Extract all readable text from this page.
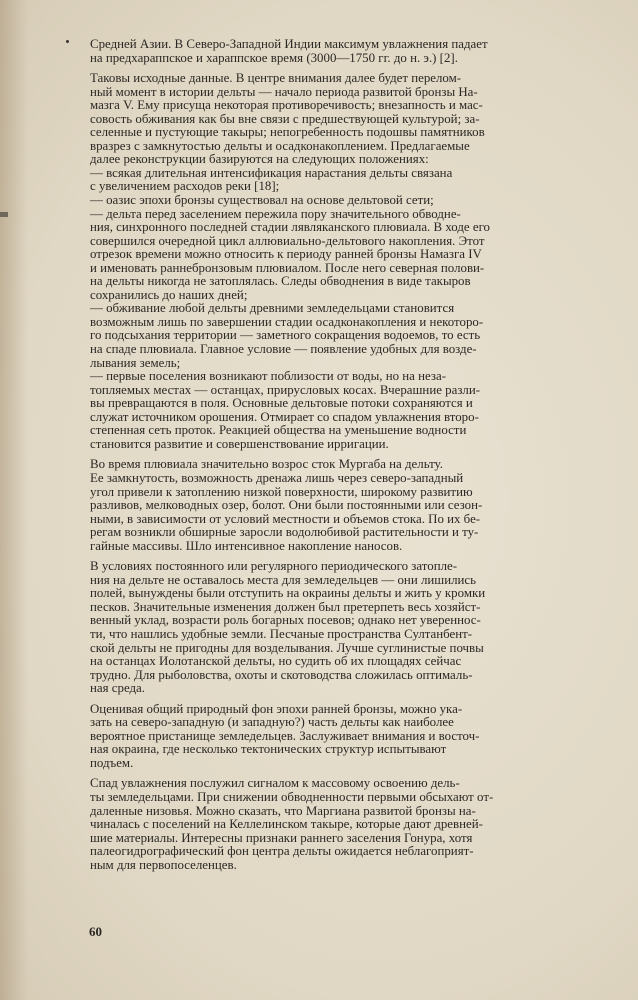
Средней Азии. В Северо-Западной Индии максимум увлажнения падает
на предхараппское и хараппское время (3000—1750 гг. до н. э.) [2].

Таковы исходные данные. В центре внимания далее будет перелом-
ный момент в истории дельты — начало периода развитой бронзы На-
мазга V. Ему присуща некоторая противоречивость; внезапность и мас-
совость обживания как бы вне связи с предшествующей культурой; за-
селенные и пустующие такыры; непогребенность подошвы памятников
вразрез с замкнутостью дельты и осадконакоплением. Предлагаемые
далее реконструкции базируются на следующих положениях:
— всякая длительная интенсификация нарастания дельты связана
с увеличением расходов реки [18];
— оазис эпохи бронзы существовал на основе дельтовой сети;
— дельта перед заселением пережила пору значительного обводне-
ния, синхронного последней стадии лявляканского плювиала. В ходе его
совершился очередной цикл аллювиально-дельтового накопления. Этот
отрезок времени можно относить к периоду ранней бронзы Намазга IV
и именовать раннебронзовым плювиалом. После него северная полови-
на дельты никогда не затоплялась. Следы обводнения в виде такыров
сохранились до наших дней;
— обживание любой дельты древними земледельцами становится
возможным лишь по завершении стадии осадконакопления и некоторо-
го подсыхания территории — заметного сокращения водоемов, то есть
на спаде плювиала. Главное условие — появление удобных для возде-
лывания земель;
— первые поселения возникают поблизости от воды, но на неза-
топляемых местах — останцах, прирусловых косах. Вчерашние разли-
вы превращаются в поля. Основные дельтовые потоки сохраняются и
служат источником орошения. Отмирает со спадом увлажнения второ-
степенная сеть проток. Реакцией общества на уменьшение водности
становится развитие и совершенствование ирригации.

Во время плювиала значительно возрос сток Мургаба на дельту.
Ее замкнутость, возможность дренажа лишь через северо-западный
угол привели к затоплению низкой поверхности, широкому развитию
разливов, мелководных озер, болот. Они были постоянными или сезон-
ными, в зависимости от условий местности и объемов стока. По их бе-
регам возникли обширные заросли водолюбивой растительности и ту-
гайные массивы. Шло интенсивное накопление наносов.

В условиях постоянного или регулярного периодического затопле-
ния на дельте не оставалось места для земледельцев — они лишились
полей, вынуждены были отступить на окраины дельты и жить у кромки
песков. Значительные изменения должен был претерпеть весь хозяйст-
венный уклад, возрасти роль богарных посевов; однако нет увереннос-
ти, что нашлись удобные земли. Песчаные пространства Султанбент-
ской дельты не пригодны для возделывания. Лучше суглинистые почвы
на останцах Иолотанской дельты, но судить об их площадях сейчас
трудно. Для рыболовства, охоты и скотоводства сложилась оптималь-
ная среда.

Оценивая общий природный фон эпохи ранней бронзы, можно ука-
зать на северо-западную (и западную?) часть дельты как наиболее
вероятное пристанище земледельцев. Заслуживает внимания и восточ-
ная окраина, где несколько тектонических структур испытывают
подъем.

Спад увлажнения послужил сигналом к массовому освоению дель-
ты земледельцами. При снижении обводненности первыми обсыхают от-
даленные низовья. Можно сказать, что Маргиана развитой бронзы на-
чиналась с поселений на Келлелинском такыре, которые дают древней-
шие материалы. Интересны признаки раннего заселения Гонура, хотя
палеогидрографический фон центра дельты ожидается неблагоприят-
ным для первопоселенцев.

60
